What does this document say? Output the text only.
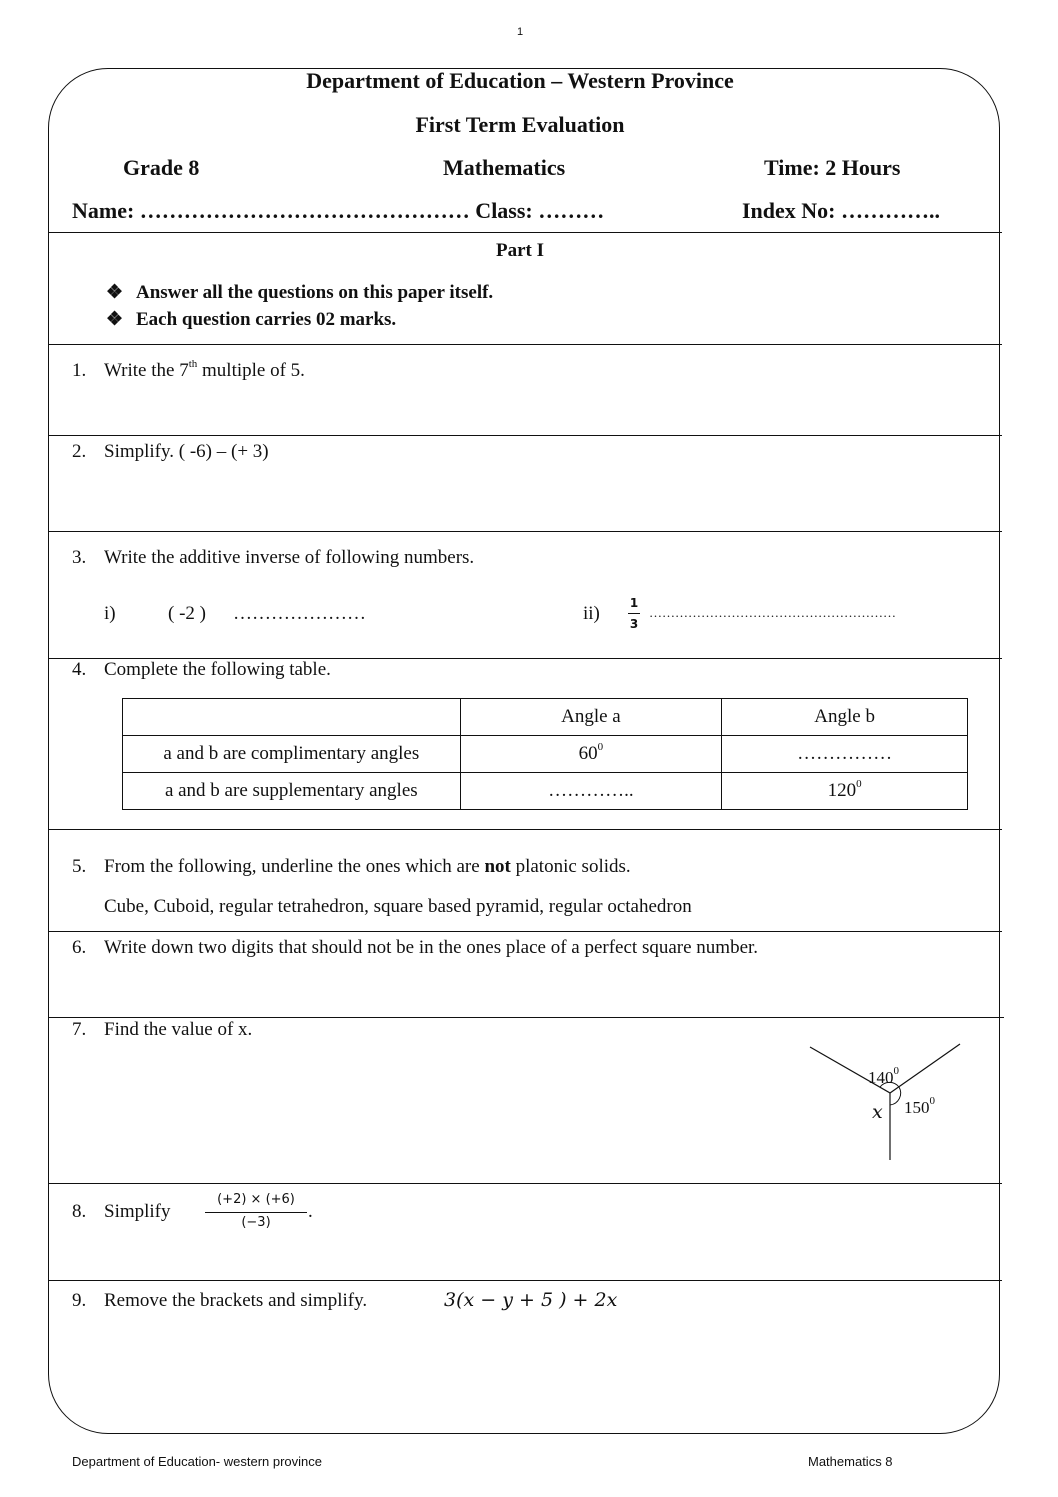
1
Department of Education – Western Province
First Term Evaluation
Grade 8	Mathematics	Time: 2 Hours
Name: ……………………………………… Class: ………	Index No: …………..
Part I
❖ Answer all the questions on this paper itself.
❖ Each question carries 02 marks.
1. Write the 7th multiple of 5.
2. Simplify. ( -6) – (+ 3)
3. Write the additive inverse of following numbers.
i)	( -2 ) …………………	ii)	1
3
…………………………………………………
4. Complete the following table.
	Angle a	Angle b
a and b are complimentary angles	$60^0$	……………
a and b are supplementary angles	…………..	$120^0$
5. From the following, underline the ones which are not platonic solids.
Cube, Cuboid, regular tetrahedron, square based pyramid, regular octahedron
6. Write down two digits that should not be in the ones place of a perfect square number.
7. Find the value of x.
$140^0$
$150^0$
x
8. Simplify
(+2) × (+6)
(−3)
.
9. Remove the brackets and simplify.	3(x − y + 5 ) + 2x
Department of Education- western province	Mathematics 8
